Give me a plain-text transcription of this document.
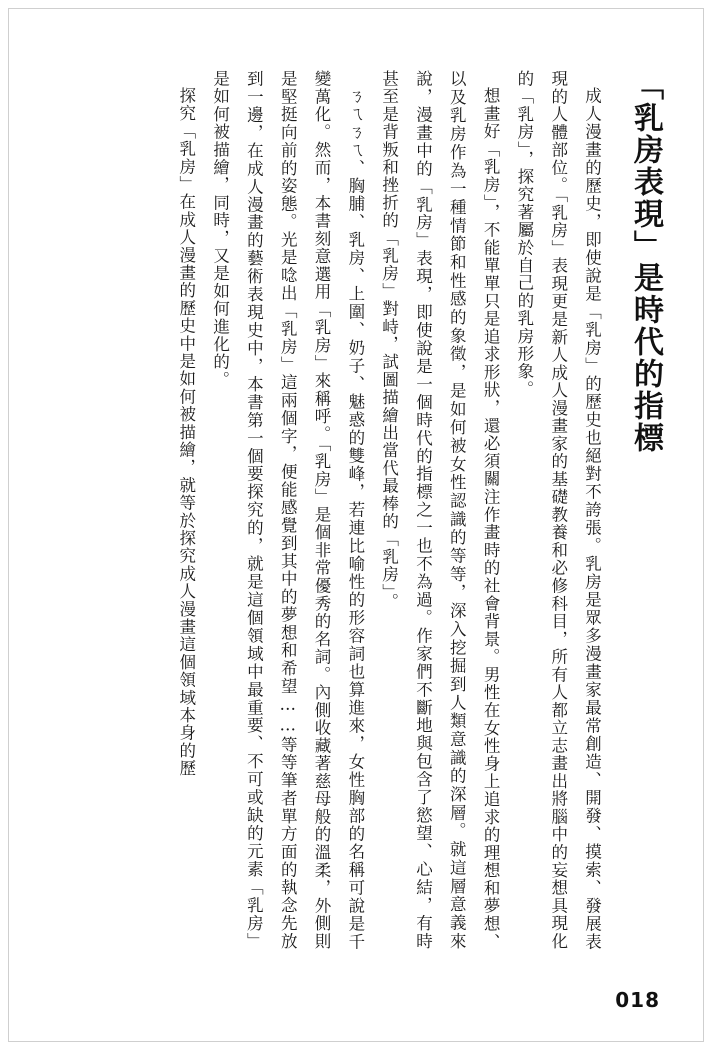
「乳房表現」是時代的指標

成人漫畫的歷史，即使說是「乳房」的歷史也絕對不誇張。乳房是眾多漫畫家最常創造、開發、摸索、發展表現的人體部位。「乳房」表現更是新人成人漫畫家的基礎教養和必修科目，所有人都立志畫出將腦中的妄想具現化的「乳房」，探究著屬於自己的乳房形象。

想畫好「乳房」，不能單單只是追求形狀，還必須關注作畫時的社會背景。男性在女性身上追求的理想和夢想、以及乳房作為一種情節和性感的象徵，是如何被女性認識的等等，深入挖掘到人類意識的深層。就這層意義來說，漫畫中的「乳房」表現，即使說是一個時代的指標之一也不為過。作家們不斷地與包含了慾望、心結，有時甚至是背叛和挫折的「乳房」對峙，試圖描繪出當代最棒的「乳房」。

ㄋㄟㄋㄟ、胸脯、乳房、上圍、奶子、魅惑的雙峰，若連比喻性的形容詞也算進來，女性胸部的名稱可說是千變萬化。然而，本書刻意選用「乳房」來稱呼。「乳房」是個非常優秀的名詞。內側收藏著慈母般的溫柔，外側則是堅挺向前的姿態。光是唸出「乳房」這兩個字，便能感覺到其中的夢想和希望……等等筆者單方面的執念先放到一邊，在成人漫畫的藝術表現史中，本書第一個要探究的，就是這個領域中最重要、不可或缺的元素「乳房」是如何被描繪，同時，又是如何進化的。

探究「乳房」在成人漫畫的歷史中是如何被描繪，就等於探究成人漫畫這個領域本身的歷

018
